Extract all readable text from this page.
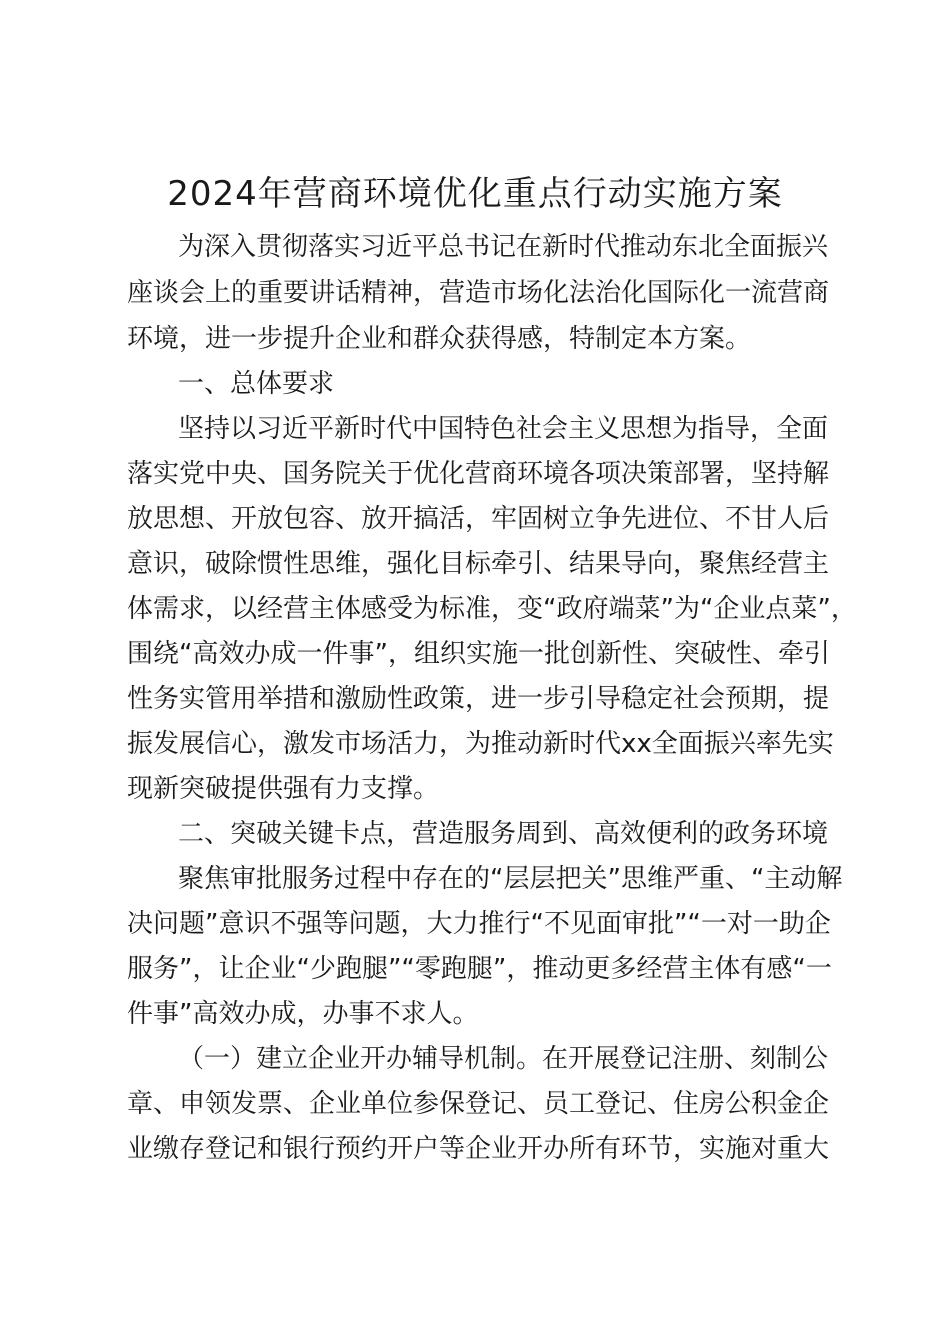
2024年营商环境优化重点行动实施方案
为深入贯彻落实习近平总书记在新时代推动东北全面振兴
座谈会上的重要讲话精神，营造市场化法治化国际化一流营商
环境，进一步提升企业和群众获得感，特制定本方案。
一、总体要求
坚持以习近平新时代中国特色社会主义思想为指导，全面
落实党中央、国务院关于优化营商环境各项决策部署，坚持解
放思想、开放包容、放开搞活，牢固树立争先进位、不甘人后
意识，破除惯性思维，强化目标牵引、结果导向，聚焦经营主
体需求，以经营主体感受为标准，变“政府端菜”为“企业点菜”，
围绕“高效办成一件事”，组织实施一批创新性、突破性、牵引
性务实管用举措和激励性政策，进一步引导稳定社会预期，提
振发展信心，激发市场活力，为推动新时代xx全面振兴率先实
现新突破提供强有力支撑。
二、突破关键卡点，营造服务周到、高效便利的政务环境
聚焦审批服务过程中存在的“层层把关”思维严重、“主动解
决问题”意识不强等问题，大力推行“不见面审批”“一对一助企
服务”，让企业“少跑腿”“零跑腿”，推动更多经营主体有感“一
件事”高效办成，办事不求人。
（一）建立企业开办辅导机制。在开展登记注册、刻制公
章、申领发票、企业单位参保登记、员工登记、住房公积金企
业缴存登记和银行预约开户等企业开办所有环节，实施对重大
